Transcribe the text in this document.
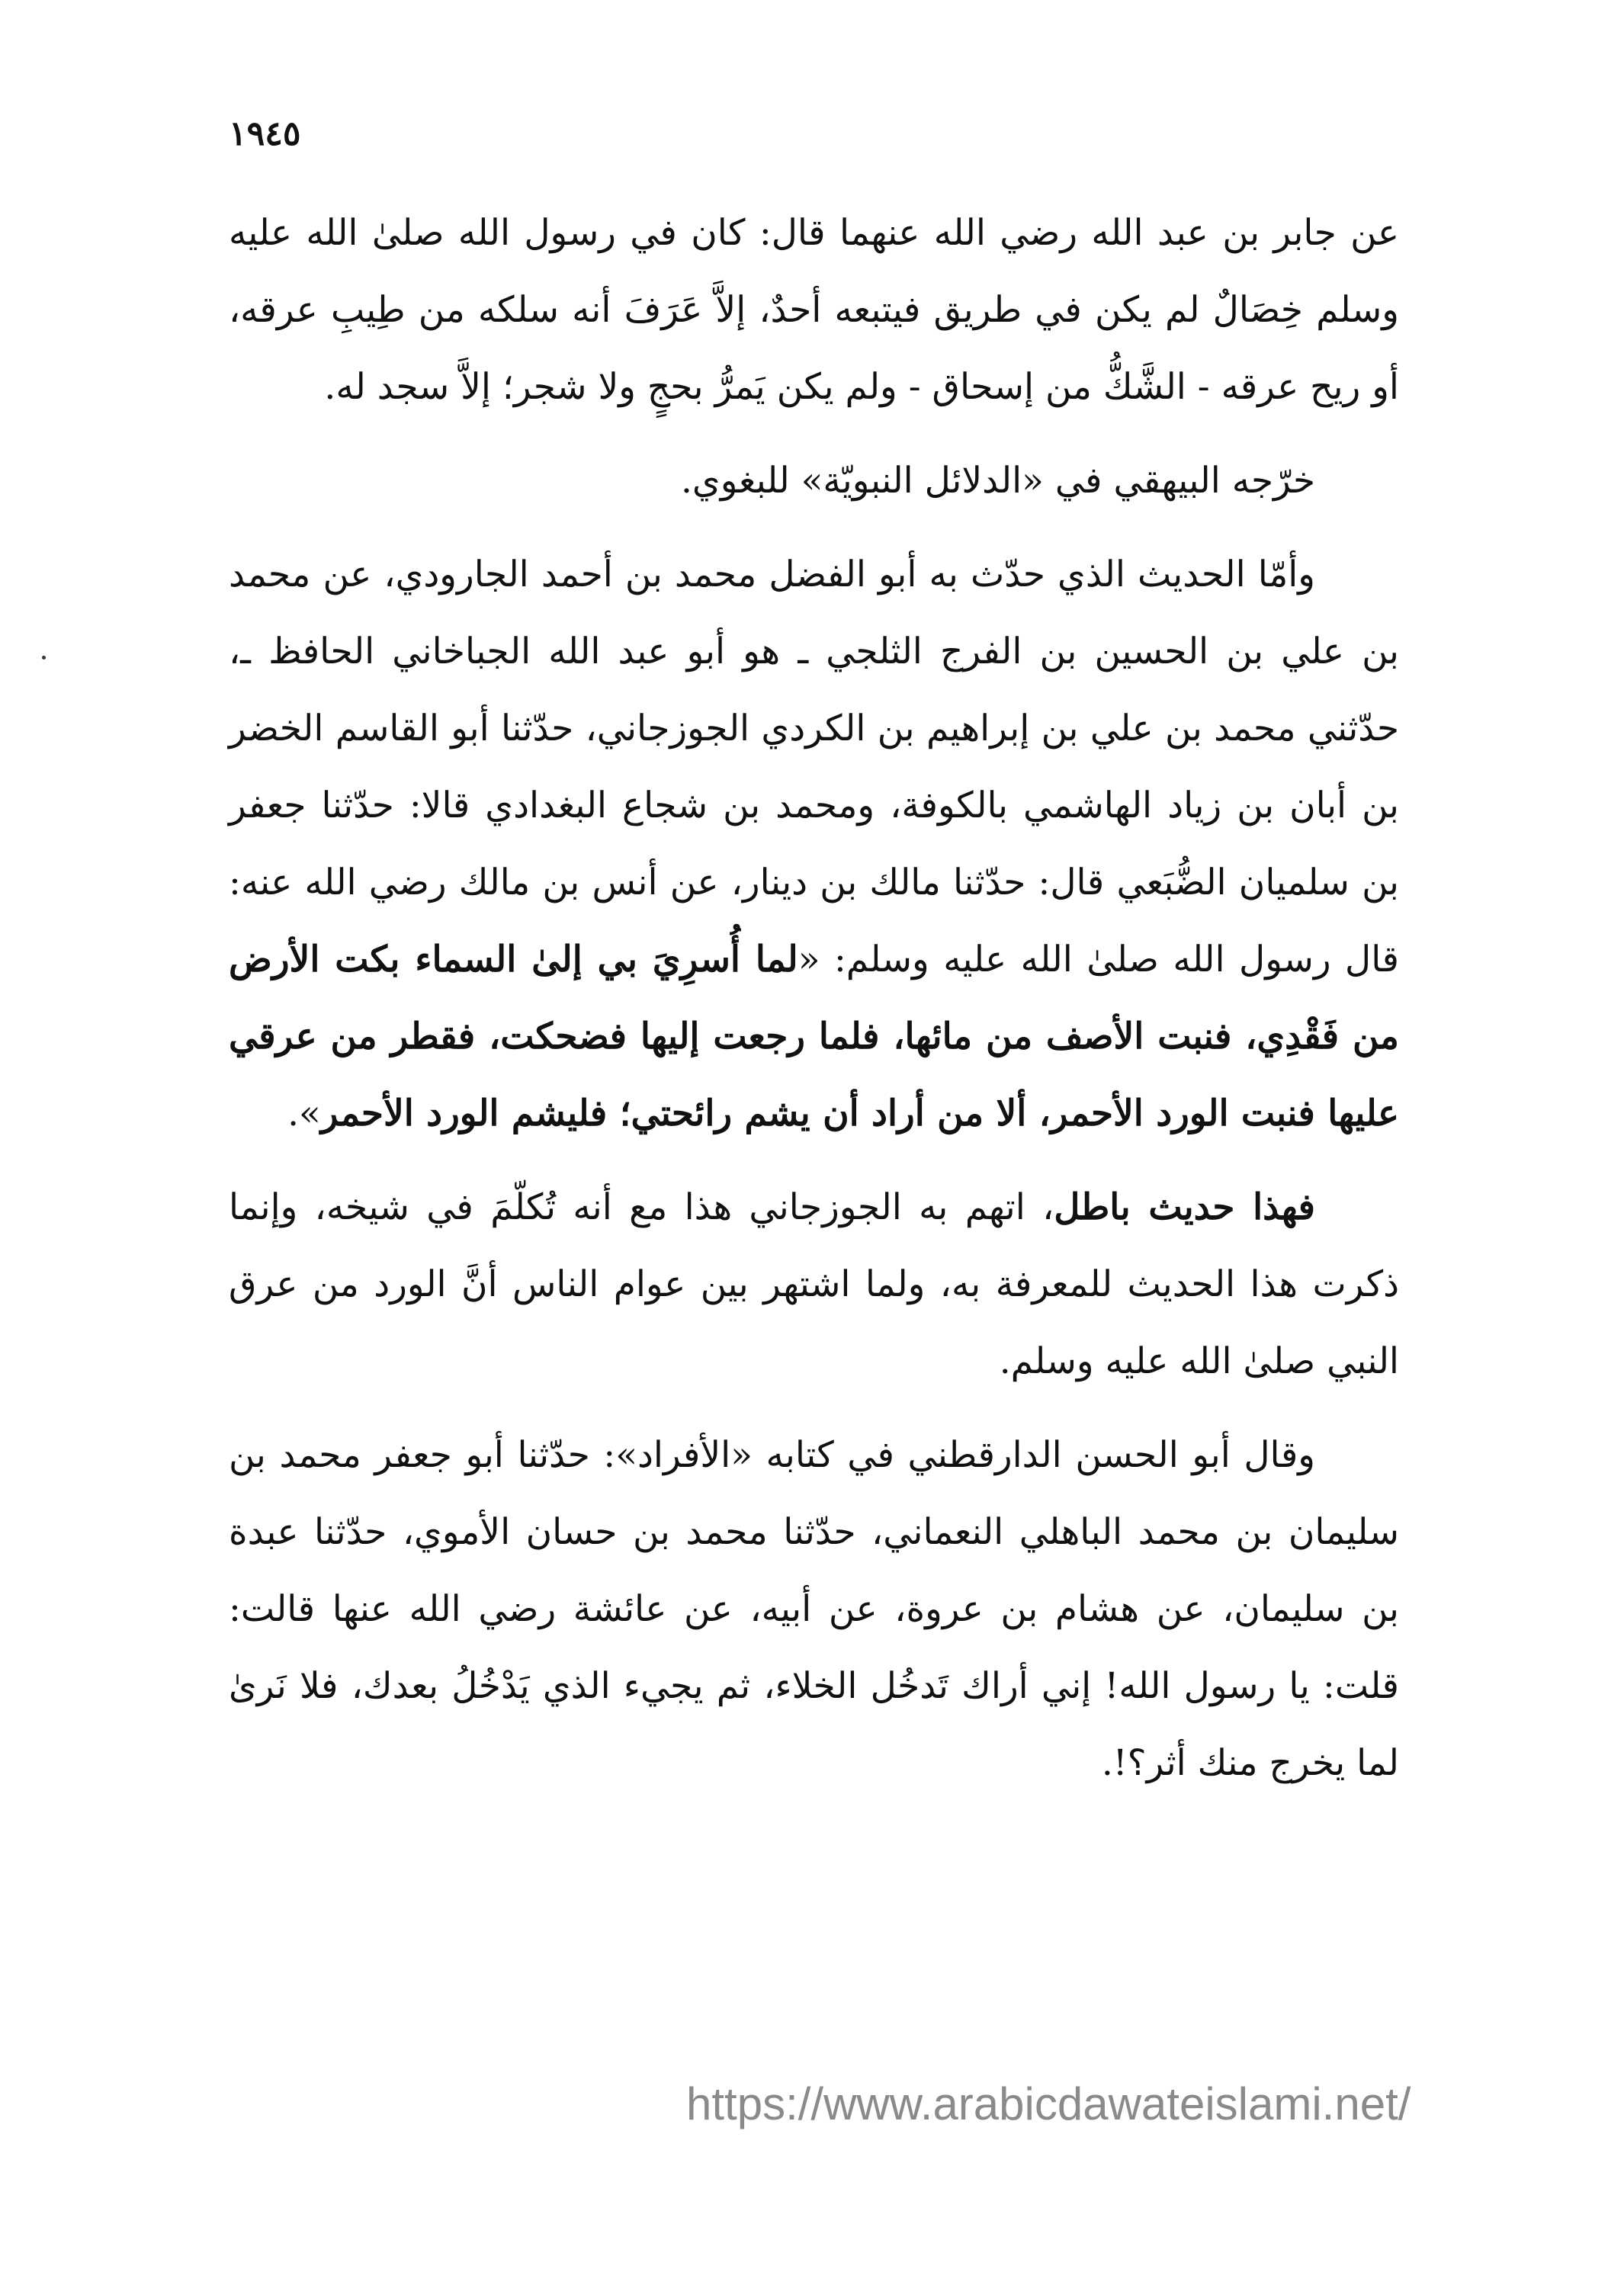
١٩٤٥

عن جابر بن عبد الله رضي الله عنهما قال: كان في رسول الله صلىٰ الله عليه وسلم خِصَالٌ لم يكن في طريق فيتبعه أحدٌ، إلاَّ عَرَفَ أنه سلكه من طِيبِ عرقه، أو ريح عرقه - الشَّكُّ من إسحاق - ولم يكن يَمرُّ بحجٍ ولا شجر؛ إلاَّ سجد له.

خرّجه البيهقي في «الدلائل النبويّة» للبغوي.

وأمّا الحديث الذي حدّث به أبو الفضل محمد بن أحمد الجارودي، عن محمد بن علي بن الحسين بن الفرج الثلجي ـ هو أبو عبد الله الجباخاني الحافظ ـ، حدّثني محمد بن علي بن إبراهيم بن الكردي الجوزجاني، حدّثنا أبو القاسم الخضر بن أبان بن زياد الهاشمي بالكوفة، ومحمد بن شجاع البغدادي قالا: حدّثنا جعفر بن سلميان الضُّبَعي قال: حدّثنا مالك بن دينار، عن أنس بن مالك رضي الله عنه: قال رسول الله صلىٰ الله عليه وسلم: «لما أُسرِيَ بي إلىٰ السماء بكت الأرض من فَقْدِي، فنبت الأصف من مائها، فلما رجعت إليها فضحكت، فقطر من عرقي عليها فنبت الورد الأحمر، ألا من أراد أن يشم رائحتي؛ فليشم الورد الأحمر».

فهذا حديث باطل، اتهم به الجوزجاني هذا مع أنه تُكلّمَ في شيخه، وإنما ذكرت هذا الحديث للمعرفة به، ولما اشتهر بين عوام الناس أنَّ الورد من عرق النبي صلىٰ الله عليه وسلم.

وقال أبو الحسن الدارقطني في كتابه «الأفراد»: حدّثنا أبو جعفر محمد بن سليمان بن محمد الباهلي النعماني، حدّثنا محمد بن حسان الأموي، حدّثنا عبدة بن سليمان، عن هشام بن عروة، عن أبيه، عن عائشة رضي الله عنها قالت: قلت: يا رسول الله! إني أراك تَدخُل الخلاء، ثم يجيء الذي يَدْخُلُ بعدك، فلا نَرىٰ لما يخرج منك أثر؟!.

https://www.arabicdawateislami.net/
